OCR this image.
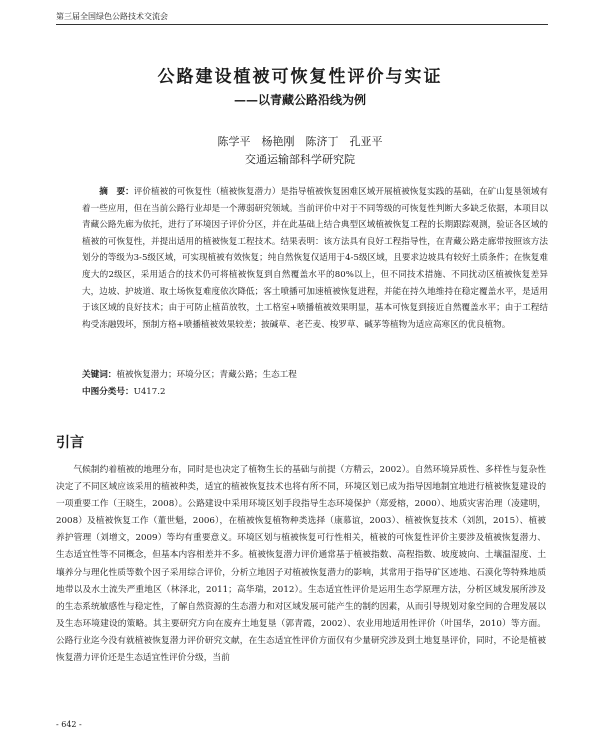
第三届全国绿色公路技术交流会
公路建设植被可恢复性评价与实证
——以青藏公路沿线为例
陈学平　杨艳刚　陈济丁　孔亚平
交通运输部科学研究院
摘　要：评价植被的可恢复性（植被恢复潜力）是指导植被恢复困难区域开展植被恢复实践的基础，在矿山复垦领域有着一些应用，但在当前公路行业却是一个薄弱研究领域。当前评价中对于不同等级的可恢复性判断大多缺乏依据，本项目以青藏公路先廊为依托，进行了环境因子评价分区，并在此基础上结合典型区域植被恢复工程的长期跟踪观测，验证各区域的植被的可恢复性，并提出适用的植被恢复工程技术。结果表明：该方法具有良好工程指导性，在青藏公路走廊带按照该方法划分的等级为3-5级区域，可实现植被有效恢复；纯自然恢复仅适用于4-5级区域，且要求边坡具有较好土质条件；在恢复难度大的2级区，采用适合的技术仍可将植被恢复到自然覆盖水平的80%以上，但不同技术措施、不同扰动区植被恢复差异大，边坡、护坡道、取土场恢复难度依次降低；客土喷播可加速植被恢复进程，并能在持久地维持在稳定覆盖水平，是适用于该区域的良好技术；由于可防止植苗放牧，土工格室+喷播植被效果明显，基本可恢复到接近自然覆盖水平；由于工程结构受冻融毁坏，预制方格+喷播植被效果较差；披碱草、老芒麦、梭罗草、碱茅等植物为适应高寒区的优良植物。
关键词：植被恢复潜力；环境分区；青藏公路；生态工程
中图分类号：U417.2
引言
气候制约着植被的地理分布，同时是也决定了植物生长的基础与前提（方精云，2002）。自然环境异质性、多样性与复杂性决定了不同区域应该采用的植被种类，适宜的植被恢复技术也将有所不同，环境区划已成为指导因地制宜地进行植被恢复建设的一项重要工作（王晓生，2008）。公路建设中采用环境区划手段指导生态环境保护（郑爱榕，2000）、地质灾害治理（凌建明，2008）及植被恢复工作（董世魁，2006），在植被恢复植物种类选择（康慕谊，2003）、植被恢复技术（刘凯，2015）、植被养护管理（刘增文，2009）等均有重要意义。环境区划与植被恢复可行性相关，植被的可恢复性评价主要涉及植被恢复潜力、生态适宜性等不同概念，但基本内容相差并不多。植被恢复潜力评价通常基于植被指数、高程指数、坡度坡向、土壤温湿度、土壤养分与理化性质等数个因子采用综合评价，分析立地因子对植被恢复潜力的影响，其常用于指导矿区迹地、石漠化等特殊地质地带以及水土流失严重地区（林泽北，2011；高华瑞，2012）。生态适宜性评价是运用生态学原理方法，分析区域发展所涉及的生态系统敏感性与稳定性，了解自然资源的生态潜力和对区域发展可能产生的制约因素，从而引导规划对象空间的合理发展以及生态环境建设的策略。其主要研究方向在废弃土地复垦（郭青霞，2002）、农业用地适用性评价（叶国华，2010）等方面。公路行业迄今没有就植被恢复潜力评价研究文献，在生态适宜性评价方面仅有少量研究涉及到土地复垦评价，同时，不论是植被恢复潜力评价还是生态适宜性评价分级，当前
- 642 -
